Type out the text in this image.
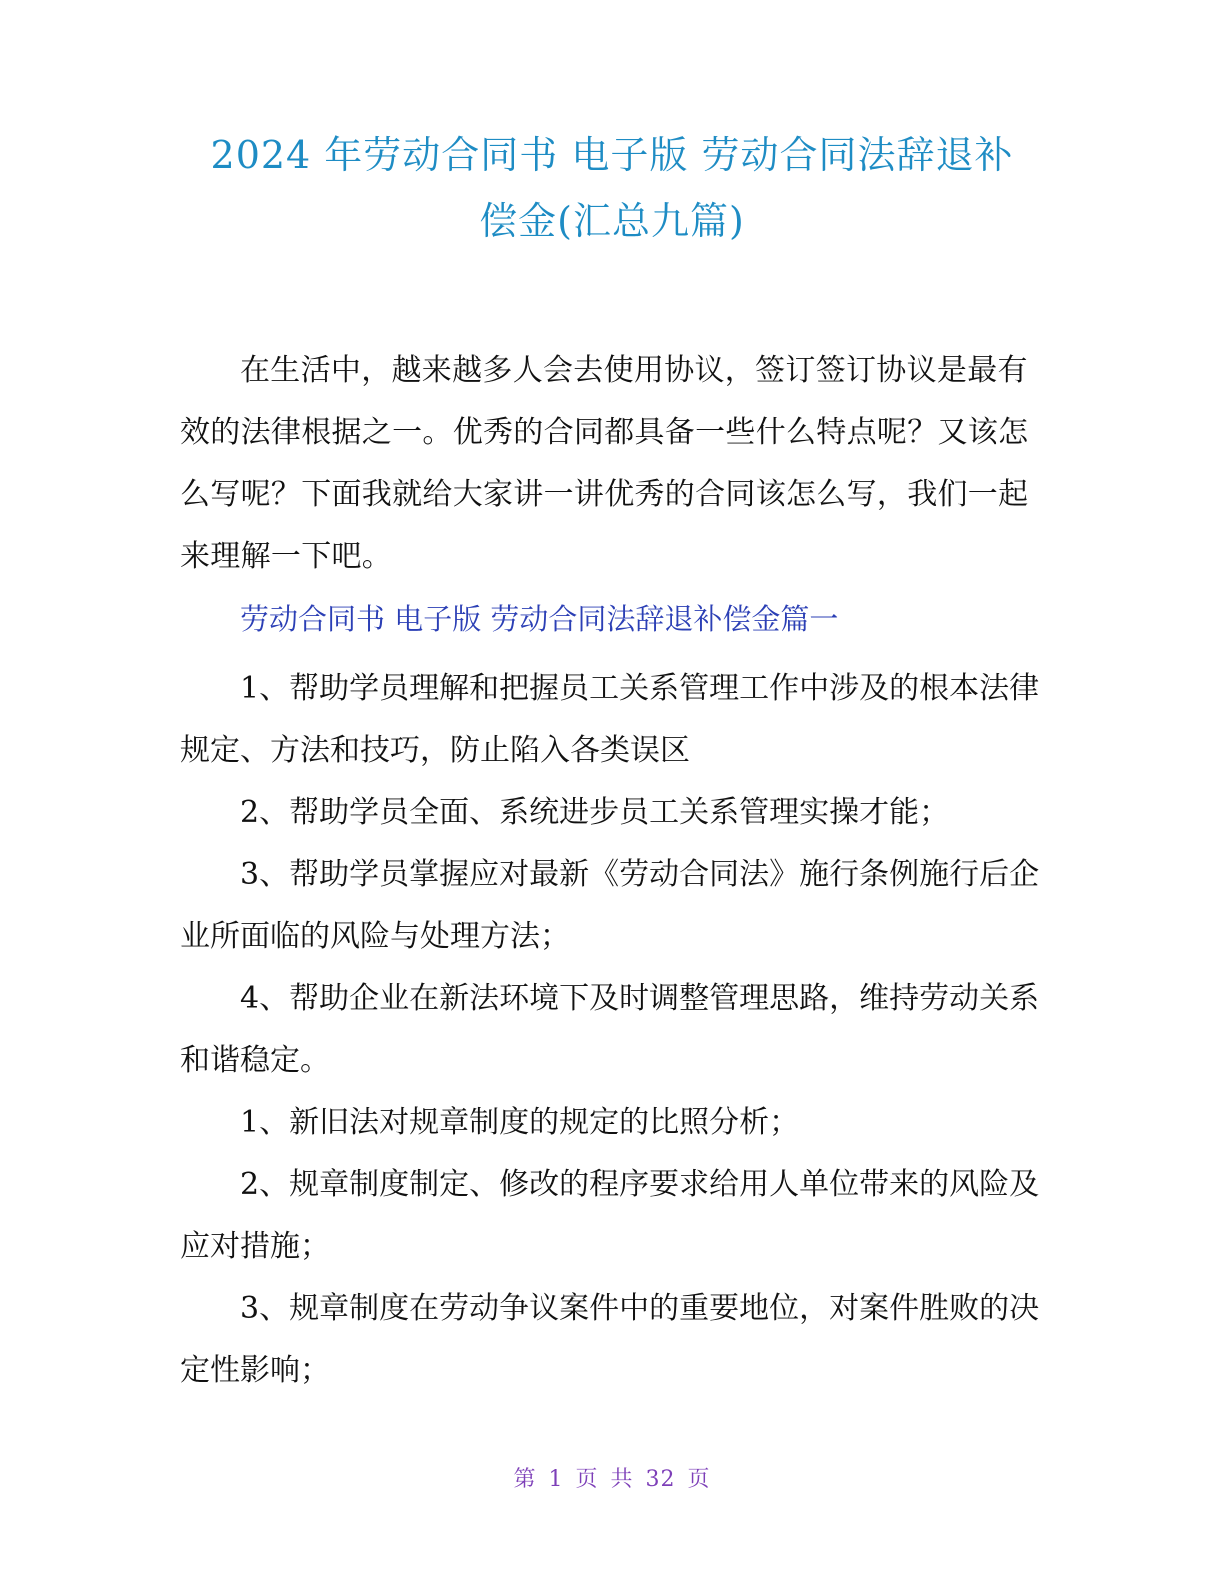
2024 年劳动合同书 电子版 劳动合同法辞退补
偿金(汇总九篇)

在生活中，越来越多人会去使用协议，签订签订协议是最有效的法律根据之一。优秀的合同都具备一些什么特点呢？又该怎么写呢？下面我就给大家讲一讲优秀的合同该怎么写，我们一起来理解一下吧。

劳动合同书 电子版 劳动合同法辞退补偿金篇一

1、帮助学员理解和把握员工关系管理工作中涉及的根本法律规定、方法和技巧，防止陷入各类误区

2、帮助学员全面、系统进步员工关系管理实操才能；

3、帮助学员掌握应对最新《劳动合同法》施行条例施行后企业所面临的风险与处理方法；

4、帮助企业在新法环境下及时调整管理思路，维持劳动关系和谐稳定。

1、新旧法对规章制度的规定的比照分析；

2、规章制度制定、修改的程序要求给用人单位带来的风险及应对措施；

3、规章制度在劳动争议案件中的重要地位，对案件胜败的决定性影响；

第 1 页 共 32 页
